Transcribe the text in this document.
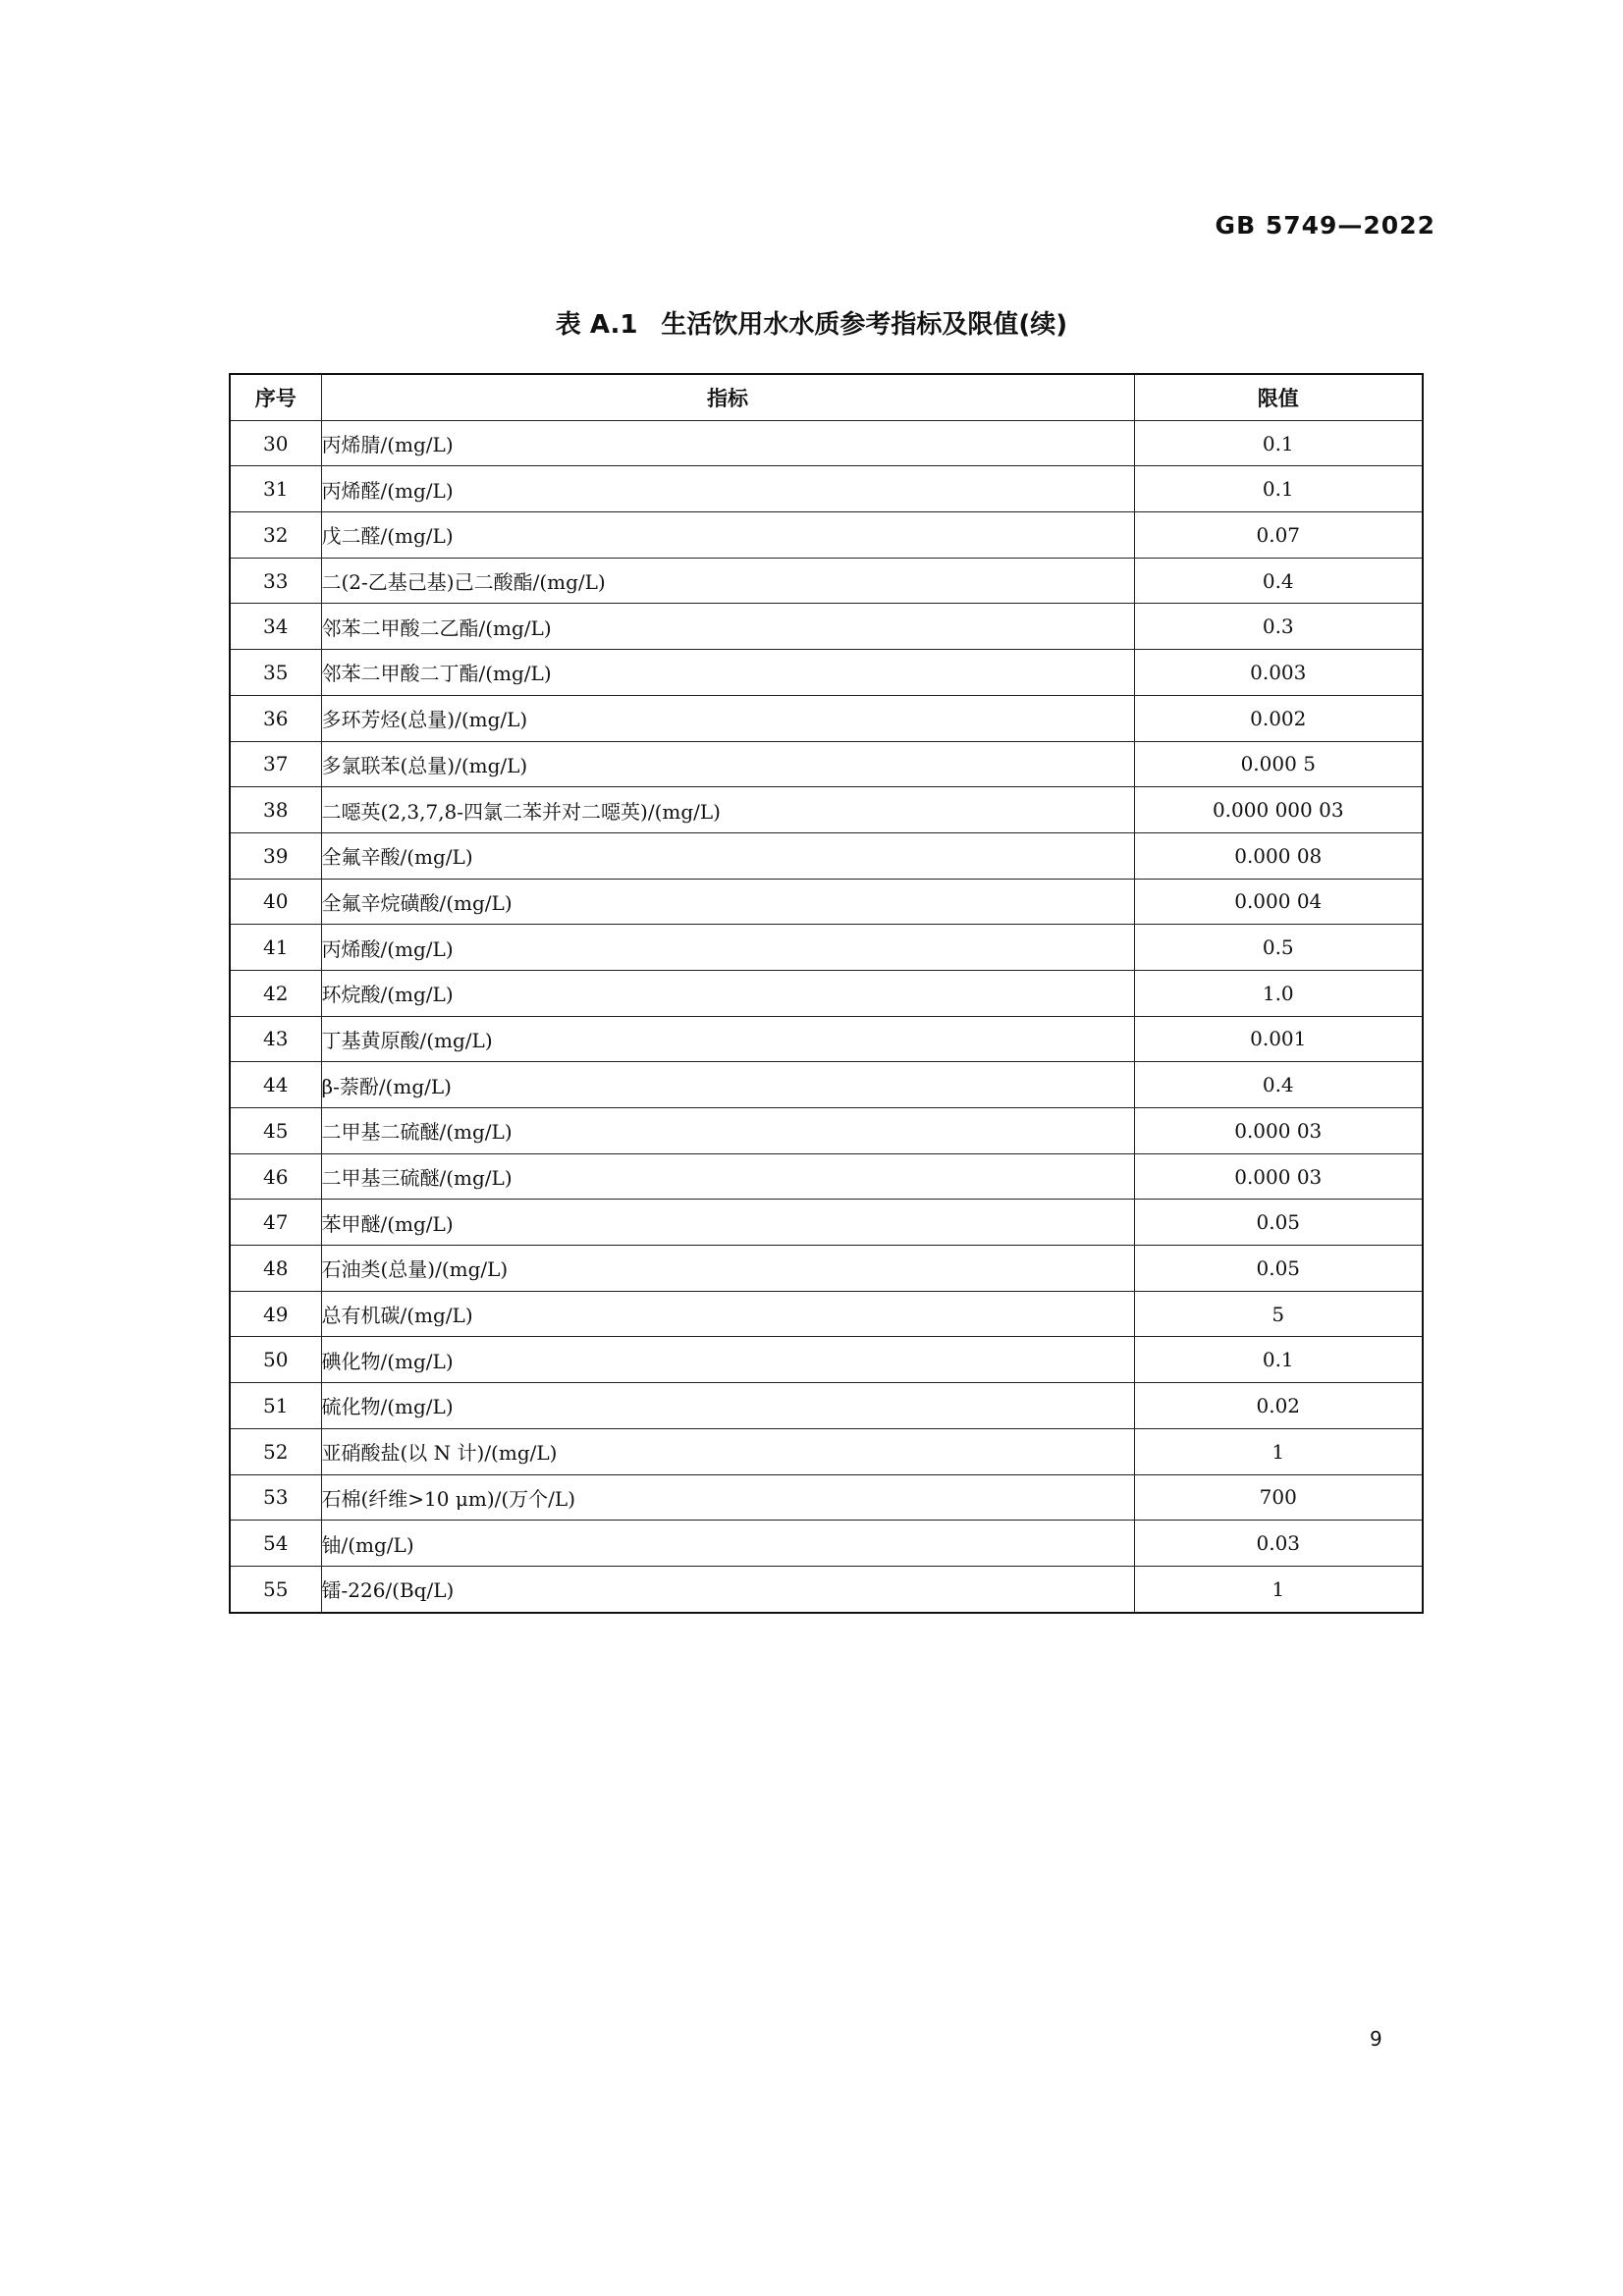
GB 5749—2022
表 A.1 生活饮用水水质参考指标及限值(续)
序号	指标	限值
30	丙烯腈/(mg/L)	0.1
31	丙烯醛/(mg/L)	0.1
32	戊二醛/(mg/L)	0.07
33	二(2-乙基己基)己二酸酯/(mg/L)	0.4
34	邻苯二甲酸二乙酯/(mg/L)	0.3
35	邻苯二甲酸二丁酯/(mg/L)	0.003
36	多环芳烃(总量)/(mg/L)	0.002
37	多氯联苯(总量)/(mg/L)	0.000 5
38	二噁英(2,3,7,8-四氯二苯并对二噁英)/(mg/L)	0.000 000 03
39	全氟辛酸/(mg/L)	0.000 08
40	全氟辛烷磺酸/(mg/L)	0.000 04
41	丙烯酸/(mg/L)	0.5
42	环烷酸/(mg/L)	1.0
43	丁基黄原酸/(mg/L)	0.001
44	β-萘酚/(mg/L)	0.4
45	二甲基二硫醚/(mg/L)	0.000 03
46	二甲基三硫醚/(mg/L)	0.000 03
47	苯甲醚/(mg/L)	0.05
48	石油类(总量)/(mg/L)	0.05
49	总有机碳/(mg/L)	5
50	碘化物/(mg/L)	0.1
51	硫化物/(mg/L)	0.02
52	亚硝酸盐(以 N 计)/(mg/L)	1
53	石棉(纤维>10 μm)/(万个/L)	700
54	铀/(mg/L)	0.03
55	镭-226/(Bq/L)	1
9
